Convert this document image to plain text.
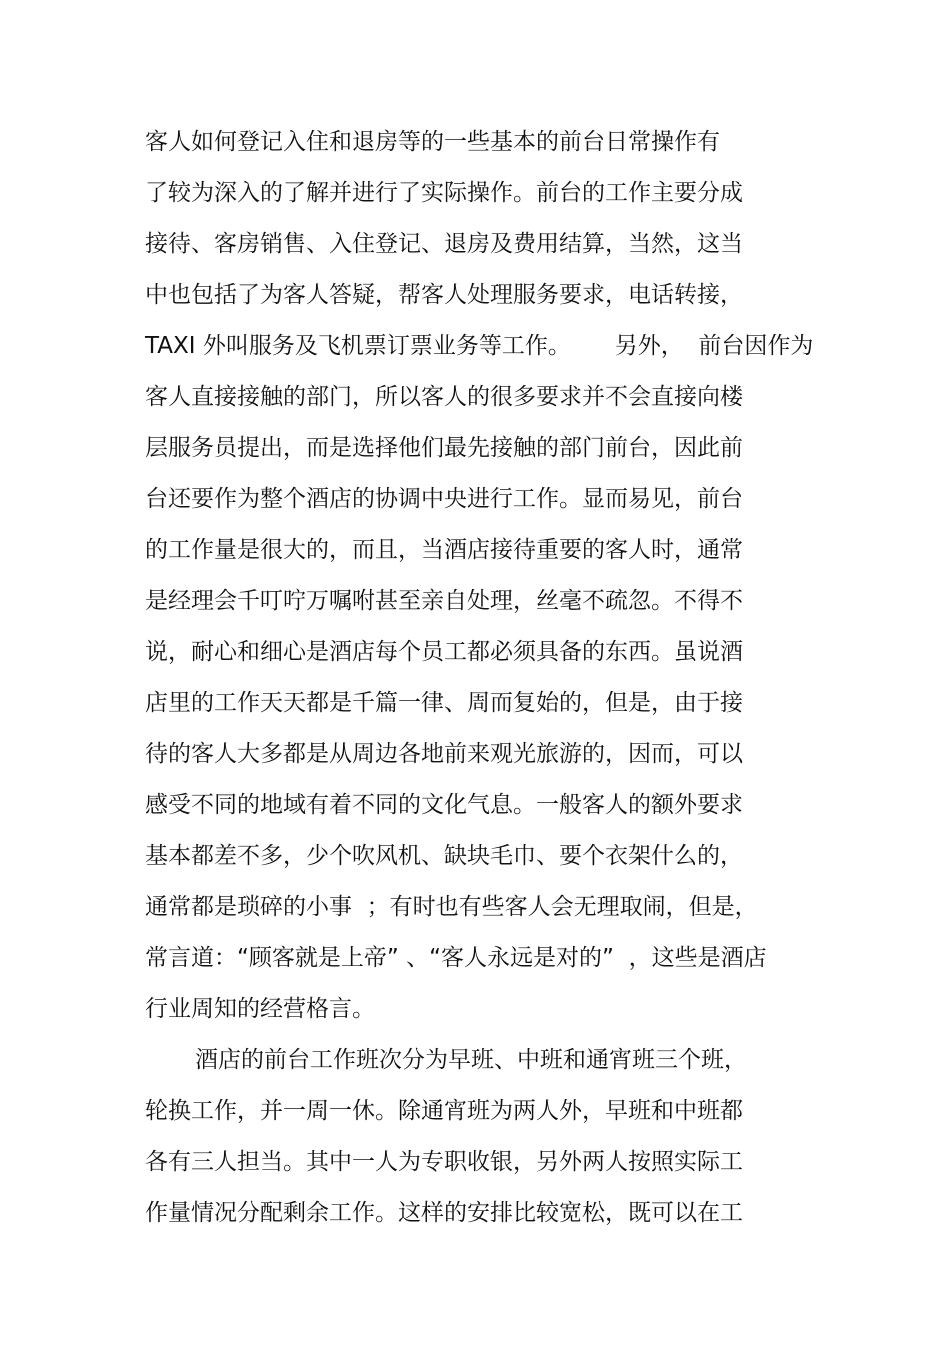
客人如何登记入住和退房等的一些基本的前台日常操作有
了较为深入的了解并进行了实际操作。前台的工作主要分成
接待、客房销售、入住登记、退房及费用结算，当然，这当
中也包括了为客人答疑，帮客人处理服务要求，电话转接，
TAXI 外叫服务及飞机票订票业务等工作。      另外，  前台因作为
客人直接接触的部门，所以客人的很多要求并不会直接向楼
层服务员提出，而是选择他们最先接触的部门前台，因此前
台还要作为整个酒店的协调中央进行工作。显而易见，前台
的工作量是很大的，而且，当酒店接待重要的客人时，通常
是经理会千叮咛万嘱咐甚至亲自处理，丝毫不疏忽。不得不
说，耐心和细心是酒店每个员工都必须具备的东西。虽说酒
店里的工作天天都是千篇一律、周而复始的，但是，由于接
待的客人大多都是从周边各地前来观光旅游的，因而，可以
感受不同的地域有着不同的文化气息。一般客人的额外要求
基本都差不多，少个吹风机、缺块毛巾、要个衣架什么的，
通常都是琐碎的小事  ；有时也有些客人会无理取闹，但是，
常言道：“顾客就是上帝” 、“客人永远是对的”  ，这些是酒店
行业周知的经营格言。
酒店的前台工作班次分为早班、中班和通宵班三个班，
轮换工作，并一周一休。除通宵班为两人外，早班和中班都
各有三人担当。其中一人为专职收银，另外两人按照实际工
作量情况分配剩余工作。这样的安排比较宽松，既可以在工
